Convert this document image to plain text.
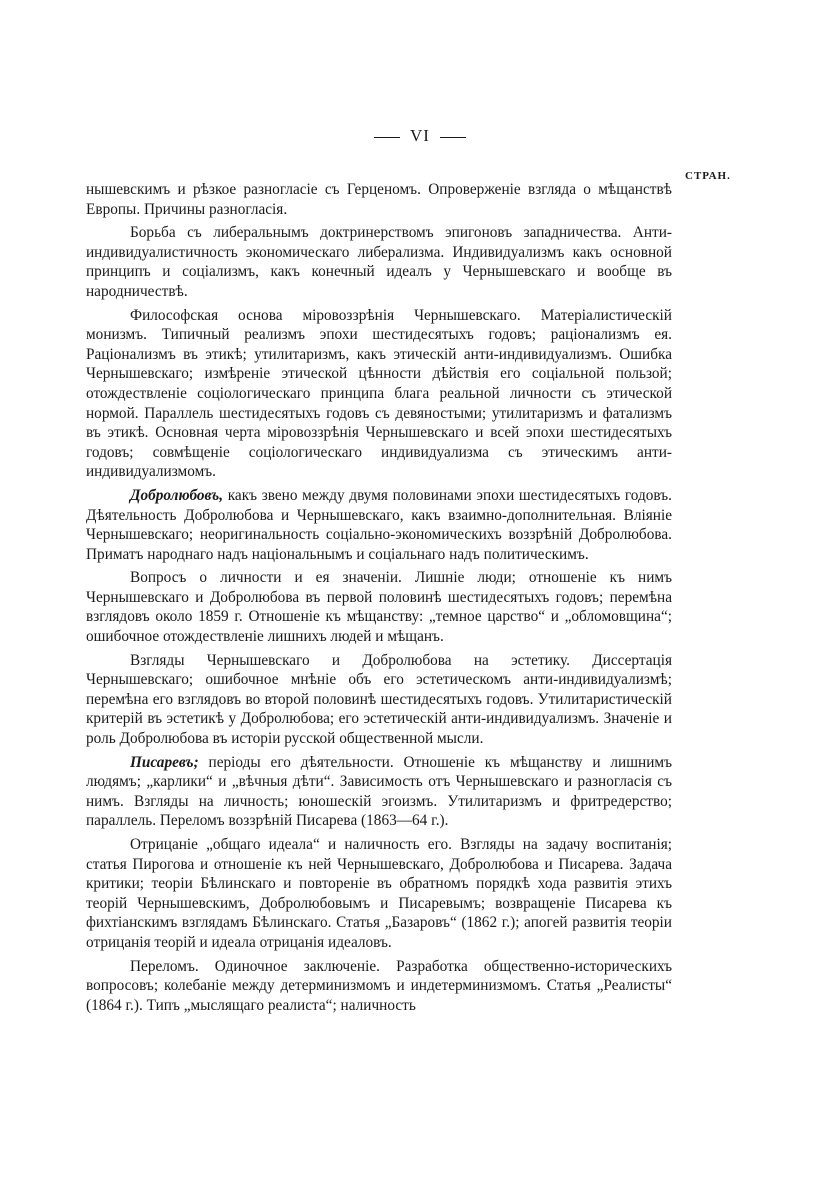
VI
СТРАН.

нышевскимъ и рѣзкое разногласіе съ Герценомъ. Опроверженіе взгляда о мѣщанствѣ Европы. Причины разногласія.

Борьба съ либеральнымъ доктринерствомъ эпигоновъ западничества. Анти-индивидуалистичность экономическаго либерализма. Индивидуализмъ какъ основной принципъ и соціализмъ, какъ конечный идеалъ у Чернышевскаго и вообще въ народничествѣ.

Философская основа міровоззрѣнія Чернышевскаго. Матеріалистическій монизмъ. Типичный реализмъ эпохи шестидесятыхъ годовъ; раціонализмъ ея. Раціонализмъ въ этикѣ; утилитаризмъ, какъ этическій анти-индивидуализмъ. Ошибка Чернышевскаго; измѣреніе этической цѣнности дѣйствія его соціальной пользой; отождествленіе соціологическаго принципа блага реальной личности съ этической нормой. Параллель шестидесятыхъ годовъ съ девяностыми; утилитаризмъ и фатализмъ въ этикѣ. Основная черта міровоззрѣнія Чернышевскаго и всей эпохи шестидесятыхъ годовъ; совмѣщеніе соціологическаго индивидуализма съ этическимъ анти-индивидуализмомъ.

Добролюбовъ, какъ звено между двумя половинами эпохи шестидесятыхъ годовъ. Дѣятельность Добролюбова и Чернышевскаго, какъ взаимно-дополнительная. Вліяніе Чернышевскаго; неоригинальность соціально-экономическихъ воззрѣній Добролюбова. Приматъ народнаго надъ національнымъ и соціальнаго надъ политическимъ.

Вопросъ о личности и ея значеніи. Лишніе люди; отношеніе къ нимъ Чернышевскаго и Добролюбова въ первой половинѣ шестидесятыхъ годовъ; перемѣна взглядовъ около 1859 г. Отношеніе къ мѣщанству: „темное царство“ и „обломовщина“; ошибочное отождествленіе лишнихъ людей и мѣщанъ.

Взгляды Чернышевскаго и Добролюбова на эстетику. Диссертація Чернышевскаго; ошибочное мнѣніе объ его эстетическомъ анти-индивидуализмѣ; перемѣна его взглядовъ во второй половинѣ шестидесятыхъ годовъ. Утилитаристическій критерій въ эстетикѣ у Добролюбова; его эстетическій анти-индивидуализмъ. Значеніе и роль Добролюбова въ исторіи русской общественной мысли.

Писаревъ; періоды его дѣятельности. Отношеніе къ мѣщанству и лишнимъ людямъ; „карлики“ и „вѣчныя дѣти“. Зависимость отъ Чернышевскаго и разногласія съ нимъ. Взгляды на личность; юношескій эгоизмъ. Утилитаризмъ и фритредерство; параллель. Переломъ воззрѣній Писарева (1863—64 г.).

Отрицаніе „общаго идеала“ и наличность его. Взгляды на задачу воспитанія; статья Пирогова и отношеніе къ ней Чернышевскаго, Добролюбова и Писарева. Задача критики; теоріи Бѣлинскаго и повтореніе въ обратномъ порядкѣ хода развитія этихъ теорій Чернышевскимъ, Добролюбовымъ и Писаревымъ; возвращеніе Писарева къ фихтіанскимъ взглядамъ Бѣлинскаго. Статья „Базаровъ“ (1862 г.); апогей развитія теоріи отрицанія теорій и идеала отрицанія идеаловъ.

Переломъ. Одиночное заключеніе. Разработка общественно-историческихъ вопросовъ; колебаніе между детерминизмомъ и индетерминизмомъ. Статья „Реалисты“ (1864 г.). Типъ „мыслящаго реалиста“; наличность
